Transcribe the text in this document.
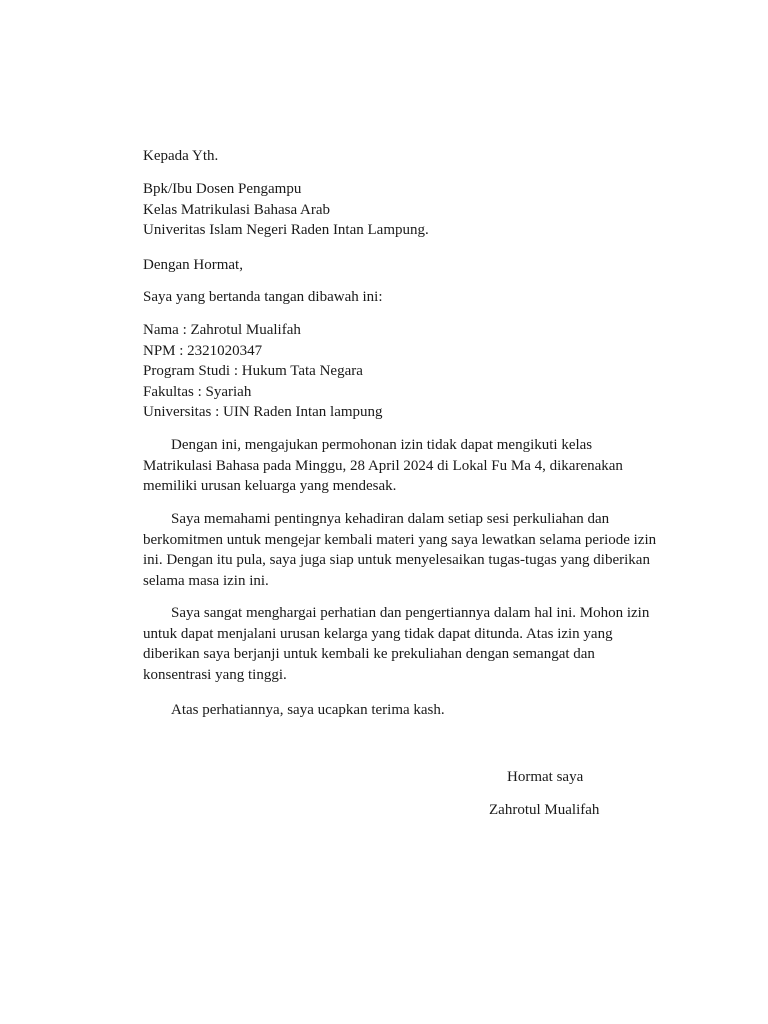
Kepada Yth.
Bpk/Ibu Dosen Pengampu
Kelas Matrikulasi Bahasa Arab
Univeritas Islam Negeri Raden Intan Lampung.
Dengan Hormat,
Saya yang bertanda tangan dibawah ini:
Nama : Zahrotul Mualifah
NPM : 2321020347
Program Studi : Hukum Tata Negara
Fakultas : Syariah
Universitas : UIN Raden Intan lampung
Dengan ini, mengajukan permohonan izin tidak dapat mengikuti kelas
Matrikulasi Bahasa pada Minggu, 28 April 2024 di Lokal Fu Ma 4, dikarenakan
memiliki urusan keluarga yang mendesak.
Saya memahami pentingnya kehadiran dalam setiap sesi perkuliahan dan
berkomitmen untuk mengejar kembali materi yang saya lewatkan selama periode izin
ini. Dengan itu pula, saya juga siap untuk menyelesaikan tugas-tugas yang diberikan
selama masa izin ini.
Saya sangat menghargai perhatian dan pengertiannya dalam hal ini. Mohon izin
untuk dapat menjalani urusan kelarga yang tidak dapat ditunda. Atas izin yang
diberikan saya berjanji untuk kembali ke prekuliahan dengan semangat dan
konsentrasi yang tinggi.
Atas perhatiannya, saya ucapkan terima kash.
Hormat saya
Zahrotul Mualifah
